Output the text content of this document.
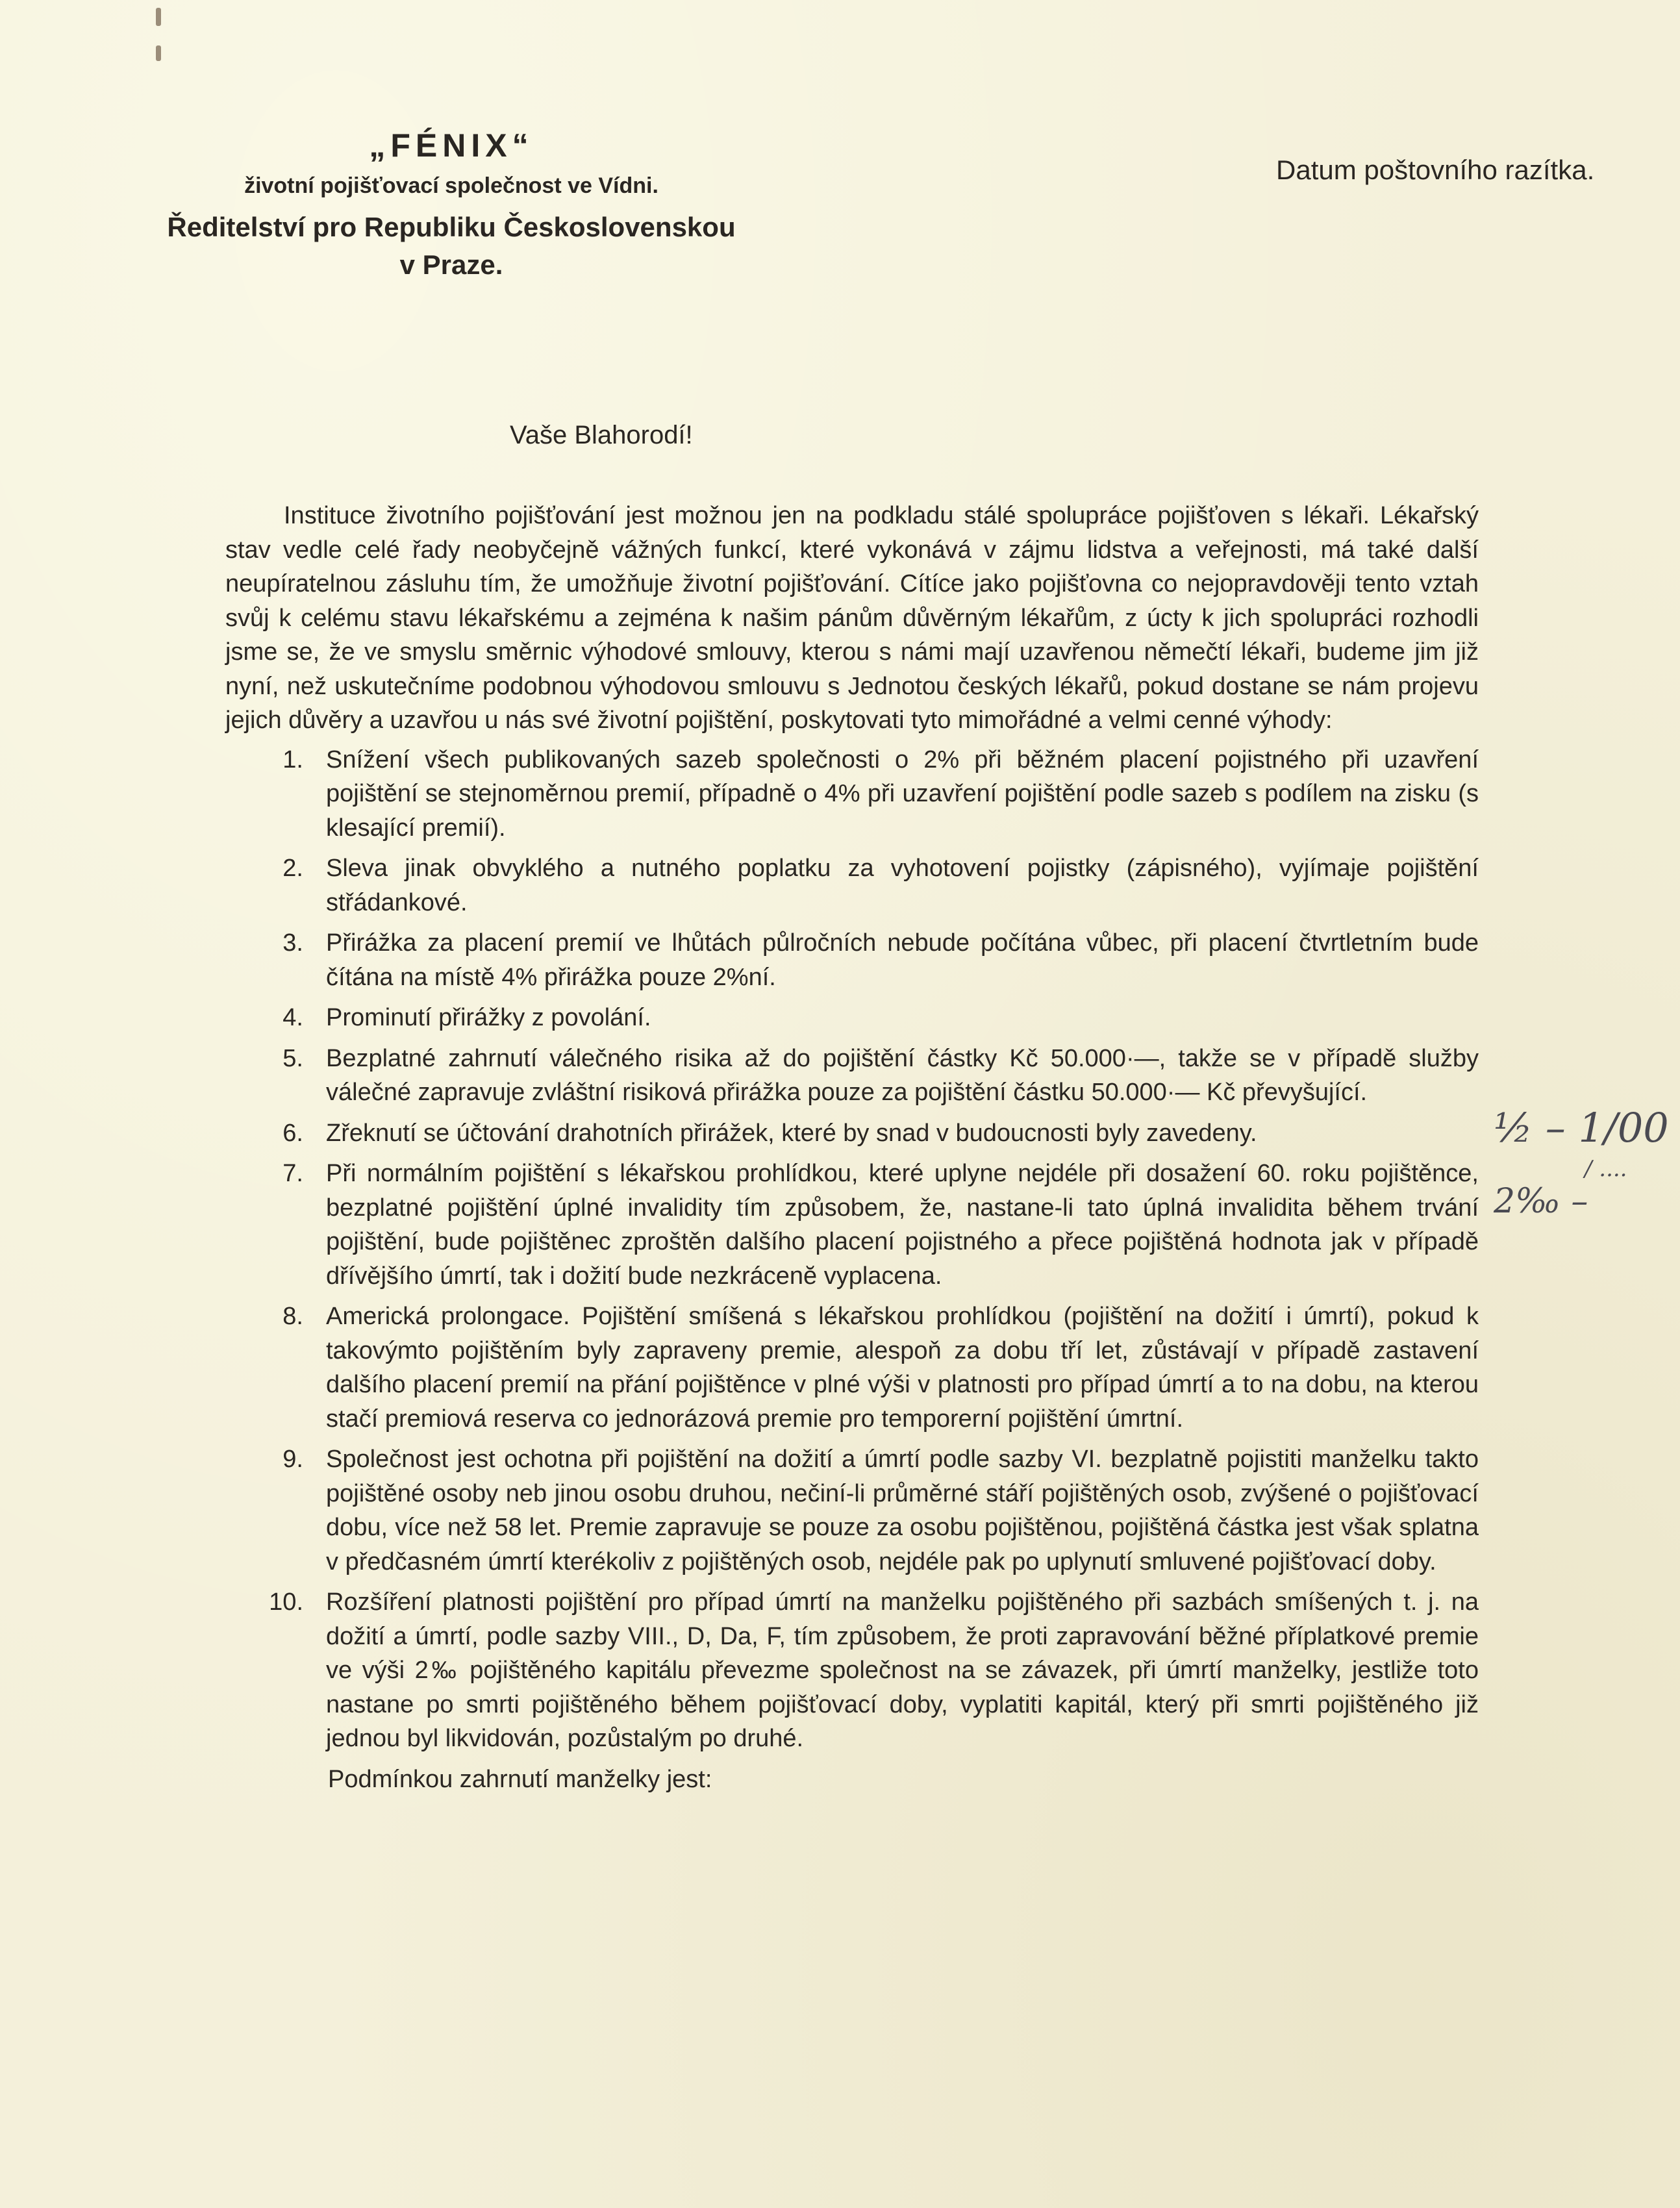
„FÉNIX“
životní pojišťovací společnost ve Vídni.
Ředitelství pro Republiku Československou
v Praze.
Datum poštovního razítka.
Vaše Blahorodí!

Instituce životního pojišťování jest možnou jen na podkladu stálé spolupráce pojišťoven s lékaři. Lékařský stav vedle celé řady neobyčejně vážných funkcí, které vykonává v zájmu lidstva a veřejnosti, má také další neupíratelnou zásluhu tím, že umožňuje životní pojišťování. Cítíce jako pojišťovna co nejopravdověji tento vztah svůj k celému stavu lékařskému a zejména k našim pánům důvěrným lékařům, z úcty k jich spolupráci rozhodli jsme se, že ve smyslu směrnic výhodové smlouvy, kterou s námi mají uzavřenou němečtí lékaři, budeme jim již nyní, než uskutečníme podobnou výhodovou smlouvu s Jednotou českých lékařů, pokud dostane se nám projevu jejich důvěry a uzavřou u nás své životní pojištění, poskytovati tyto mimořádné a velmi cenné výhody:

1. Snížení všech publikovaných sazeb společnosti o 2% při běžném placení pojistného při uzavření pojištění se stejnoměrnou premií, případně o 4% při uzavření pojištění podle sazeb s podílem na zisku (s klesající premií).
2. Sleva jinak obvyklého a nutného poplatku za vyhotovení pojistky (zápisného), vyjímaje pojištění střádankové.
3. Přirážka za placení premií ve lhůtách půlročních nebude počítána vůbec, při placení čtvrtletním bude čítána na místě 4% přirážka pouze 2%ní.
4. Prominutí přirážky z povolání.
5. Bezplatné zahrnutí válečného risika až do pojištění částky Kč 50.000·—, takže se v případě služby válečné zapravuje zvláštní risiková přirážka pouze za pojištění částku 50.000·— Kč převyšující.
6. Zřeknutí se účtování drahotních přirážek, které by snad v budoucnosti byly zavedeny.
7. Při normálním pojištění s lékařskou prohlídkou, které uplyne nejdéle při dosažení 60. roku pojištěnce, bezplatné pojištění úplné invalidity tím způsobem, že, nastane-li tato úplná invalidita během trvání pojištění, bude pojištěnec zproštěn dalšího placení pojistného a přece pojištěná hodnota jak v případě dřívějšího úmrtí, tak i dožití bude nezkrácenĕ vyplacena.
8. Americká prolongace. Pojištění smíšená s lékařskou prohlídkou (pojištění na dožití i úmrtí), pokud k takovýmto pojištěním byly zapraveny premie, alespoň za dobu tří let, zůstávají v případě zastavení dalšího placení premií na přání pojištěnce v plné výši v platnosti pro případ úmrtí a to na dobu, na kterou stačí premiová reserva co jednorázová premie pro temporerní pojištění úmrtní.
9. Společnost jest ochotna při pojištění na dožití a úmrtí podle sazby VI. bezplatně pojistiti manželku takto pojištěné osoby neb jinou osobu druhou, nečiní-li průměrné stáří pojištěných osob, zvýšené o pojišťovací dobu, více než 58 let. Premie zapravuje se pouze za osobu pojištěnou, pojištěná částka jest však splatna v předčasném úmrtí kterékoliv z pojištěných osob, nejdéle pak po uplynutí smluvené pojišťovací doby.
10. Rozšíření platnosti pojištění pro případ úmrtí na manželku pojištěného při sazbách smíšených t. j. na dožití a úmrtí, podle sazby VIII., D, Da, F, tím způsobem, že proti zapravování běžné příplatkové premie ve výši 2‰ pojištěného kapitálu převezme společnost na se závazek, při úmrtí manželky, jestliže toto nastane po smrti pojištěného během pojišťovací doby, vyplatiti kapitál, který při smrti pojištěného již jednou byl likvidován, pozůstalým po druhé.

Podmínkou zahrnutí manželky jest:

½ – 1/00
/ ....
2‰ –
